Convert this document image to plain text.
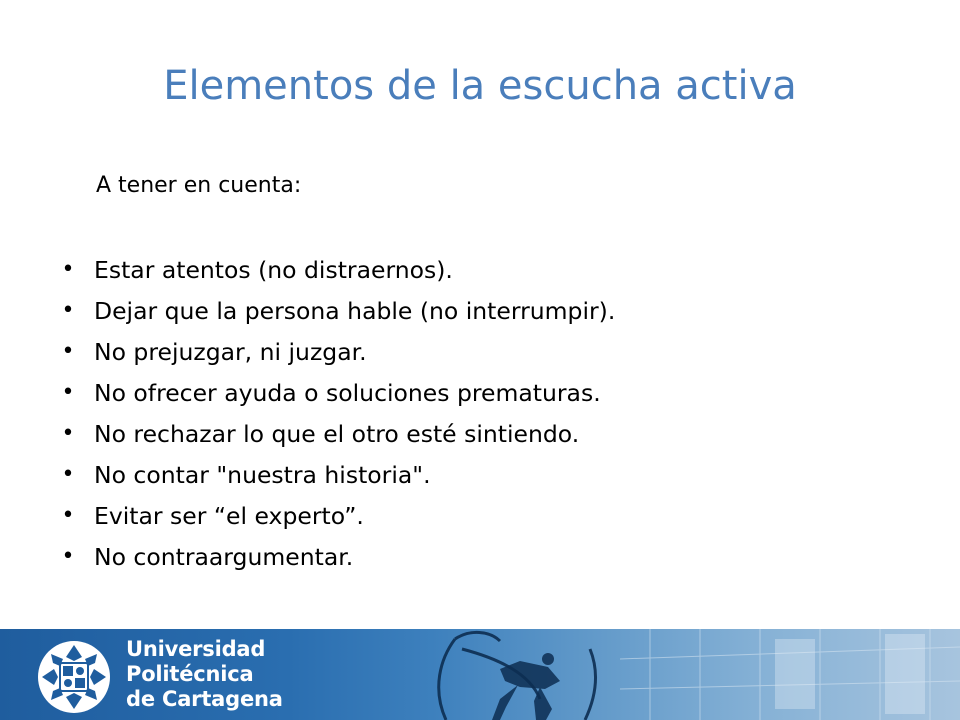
Elementos de la escucha activa
A tener en cuenta:
• Estar atentos (no distraernos).
• Dejar que la persona hable (no interrumpir).
• No prejuzgar, ni juzgar.
• No ofrecer ayuda o soluciones prematuras.
• No rechazar lo que el otro esté sintiendo.
• No contar "nuestra historia".
• Evitar ser “el experto”.
• No contraargumentar.
Universidad
Politécnica
de Cartagena
